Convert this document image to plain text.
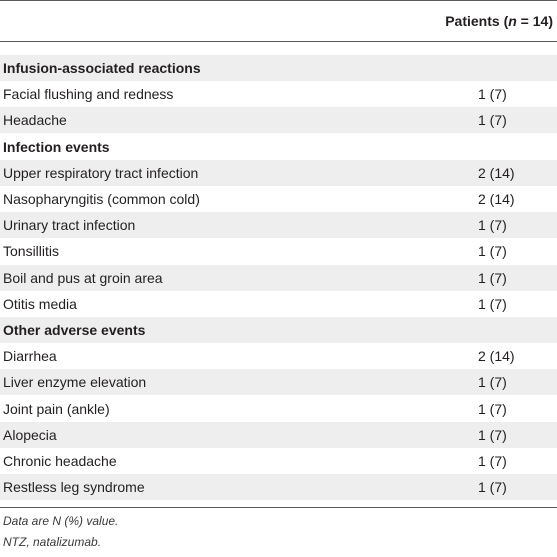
Patients (n = 14)
Infusion-associated reactions
Facial flushing and redness	1 (7)
Headache	1 (7)
Infection events
Upper respiratory tract infection	2 (14)
Nasopharyngitis (common cold)	2 (14)
Urinary tract infection	1 (7)
Tonsillitis	1 (7)
Boil and pus at groin area	1 (7)
Otitis media	1 (7)
Other adverse events
Diarrhea	2 (14)
Liver enzyme elevation	1 (7)
Joint pain (ankle)	1 (7)
Alopecia	1 (7)
Chronic headache	1 (7)
Restless leg syndrome	1 (7)
Data are N (%) value.
NTZ, natalizumab.
